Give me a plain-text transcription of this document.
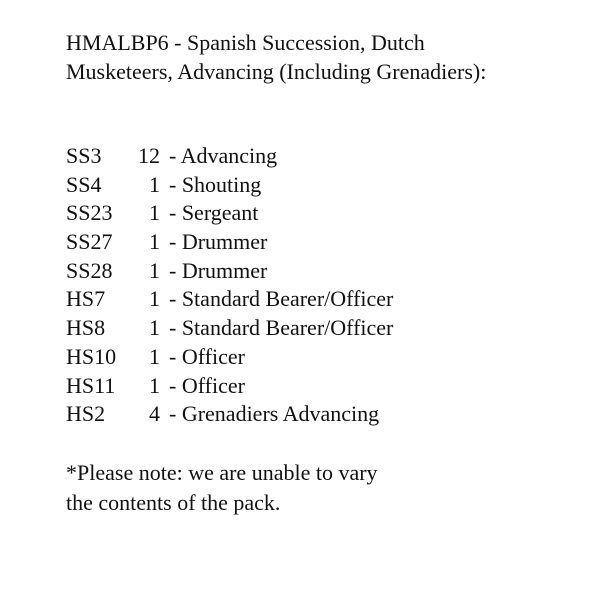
HMALBP6 - Spanish Succession, Dutch
Musketeers, Advancing (Including Grenadiers):
SS3	12 - Advancing
SS4	1 - Shouting
SS23	1 - Sergeant
SS27	1 - Drummer
SS28	1 - Drummer
HS7	1 - Standard Bearer/Officer
HS8	1 - Standard Bearer/Officer
HS10	1 - Officer
HS11	1 - Officer
HS2	4 - Grenadiers Advancing

*Please note: we are unable to vary
the contents of the pack.
